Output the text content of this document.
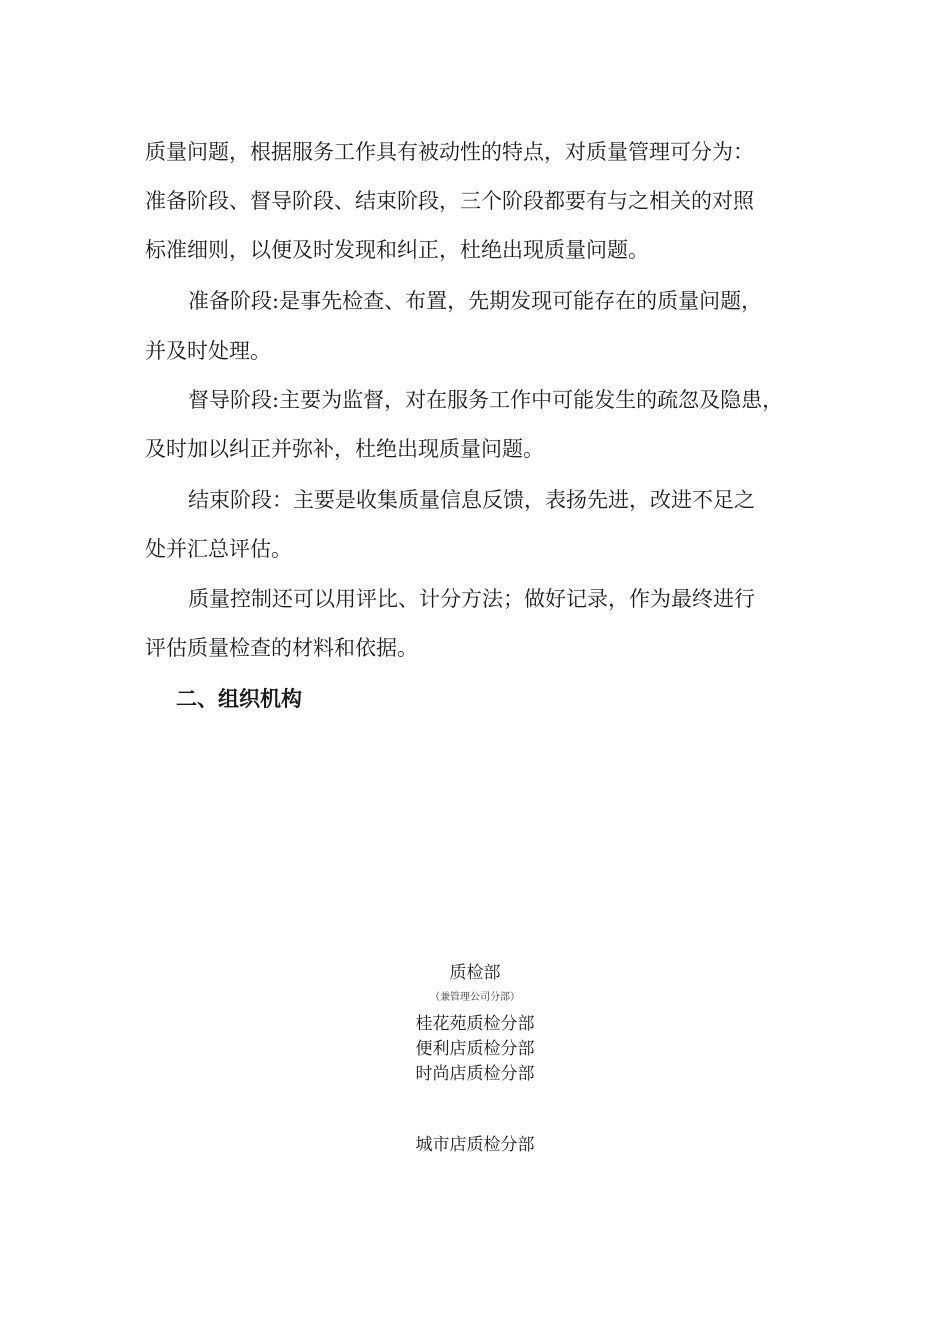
质量问题，根据服务工作具有被动性的特点，对质量管理可分为：
准备阶段、督导阶段、结束阶段，三个阶段都要有与之相关的对照
标准细则，以便及时发现和纠正，杜绝出现质量问题。
准备阶段:是事先检查、布置，先期发现可能存在的质量问题，
并及时处理。
督导阶段:主要为监督，对在服务工作中可能发生的疏忽及隐患，
及时加以纠正并弥补，杜绝出现质量问题。
结束阶段：主要是收集质量信息反馈，表扬先进，改进不足之
处并汇总评估。
质量控制还可以用评比、计分方法；做好记录，作为最终进行
评估质量检查的材料和依据。
二、组织机构
质检部
（兼管理公司分部）
桂花苑质检分部
便利店质检分部
时尚店质检分部
城市店质检分部
